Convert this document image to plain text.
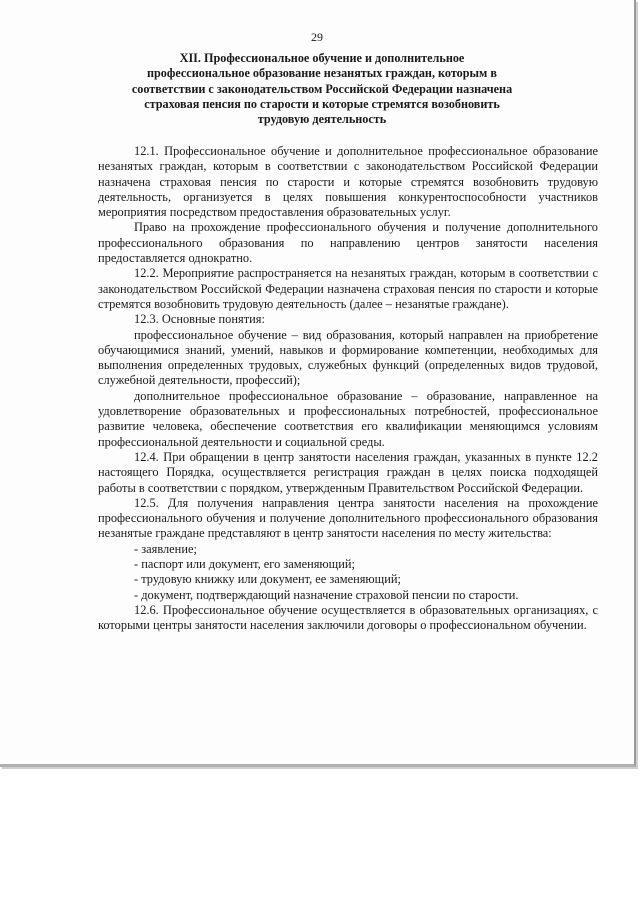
29
XII. Профессиональное обучение и дополнительное
профессиональное образование незанятых граждан, которым в
соответствии с законодательством Российской Федерации назначена
страховая пенсия по старости и которые стремятся возобновить
трудовую деятельность

12.1. Профессиональное обучение и дополнительное профессиональное образование незанятых граждан, которым в соответствии с законодательством Российской Федерации назначена страховая пенсия по старости и которые стремятся возобновить трудовую деятельность, организуется в целях повышения конкурентоспособности участников мероприятия посредством предоставления образовательных услуг.

Право на прохождение профессионального обучения и получение дополнительного профессионального образования по направлению центров занятости населения предоставляется однократно.

12.2. Мероприятие распространяется на незанятых граждан, которым в соответствии с законодательством Российской Федерации назначена страховая пенсия по старости и которые стремятся возобновить трудовую деятельность (далее – незанятые граждане).

12.3. Основные понятия:

профессиональное обучение – вид образования, который направлен на приобретение обучающимися знаний, умений, навыков и формирование компетенции, необходимых для выполнения определенных трудовых, служебных функций (определенных видов трудовой, служебной деятельности, профессий);

дополнительное профессиональное образование – образование, направленное на удовлетворение образовательных и профессиональных потребностей, профессиональное развитие человека, обеспечение соответствия его квалификации меняющимся условиям профессиональной деятельности и социальной среды.

12.4. При обращении в центр занятости населения граждан, указанных в пункте 12.2 настоящего Порядка, осуществляется регистрация граждан в целях поиска подходящей работы в соответствии с порядком, утвержденным Правительством Российской Федерации.

12.5. Для получения направления центра занятости населения на прохождение профессионального обучения и получение дополнительного профессионального образования незанятые граждане представляют в центр занятости населения по месту жительства:

- заявление;

- паспорт или документ, его заменяющий;

- трудовую книжку или документ, ее заменяющий;

- документ, подтверждающий назначение страховой пенсии по старости.

12.6. Профессиональное обучение осуществляется в образовательных организациях, с которыми центры занятости населения заключили договоры о профессиональном обучении.
